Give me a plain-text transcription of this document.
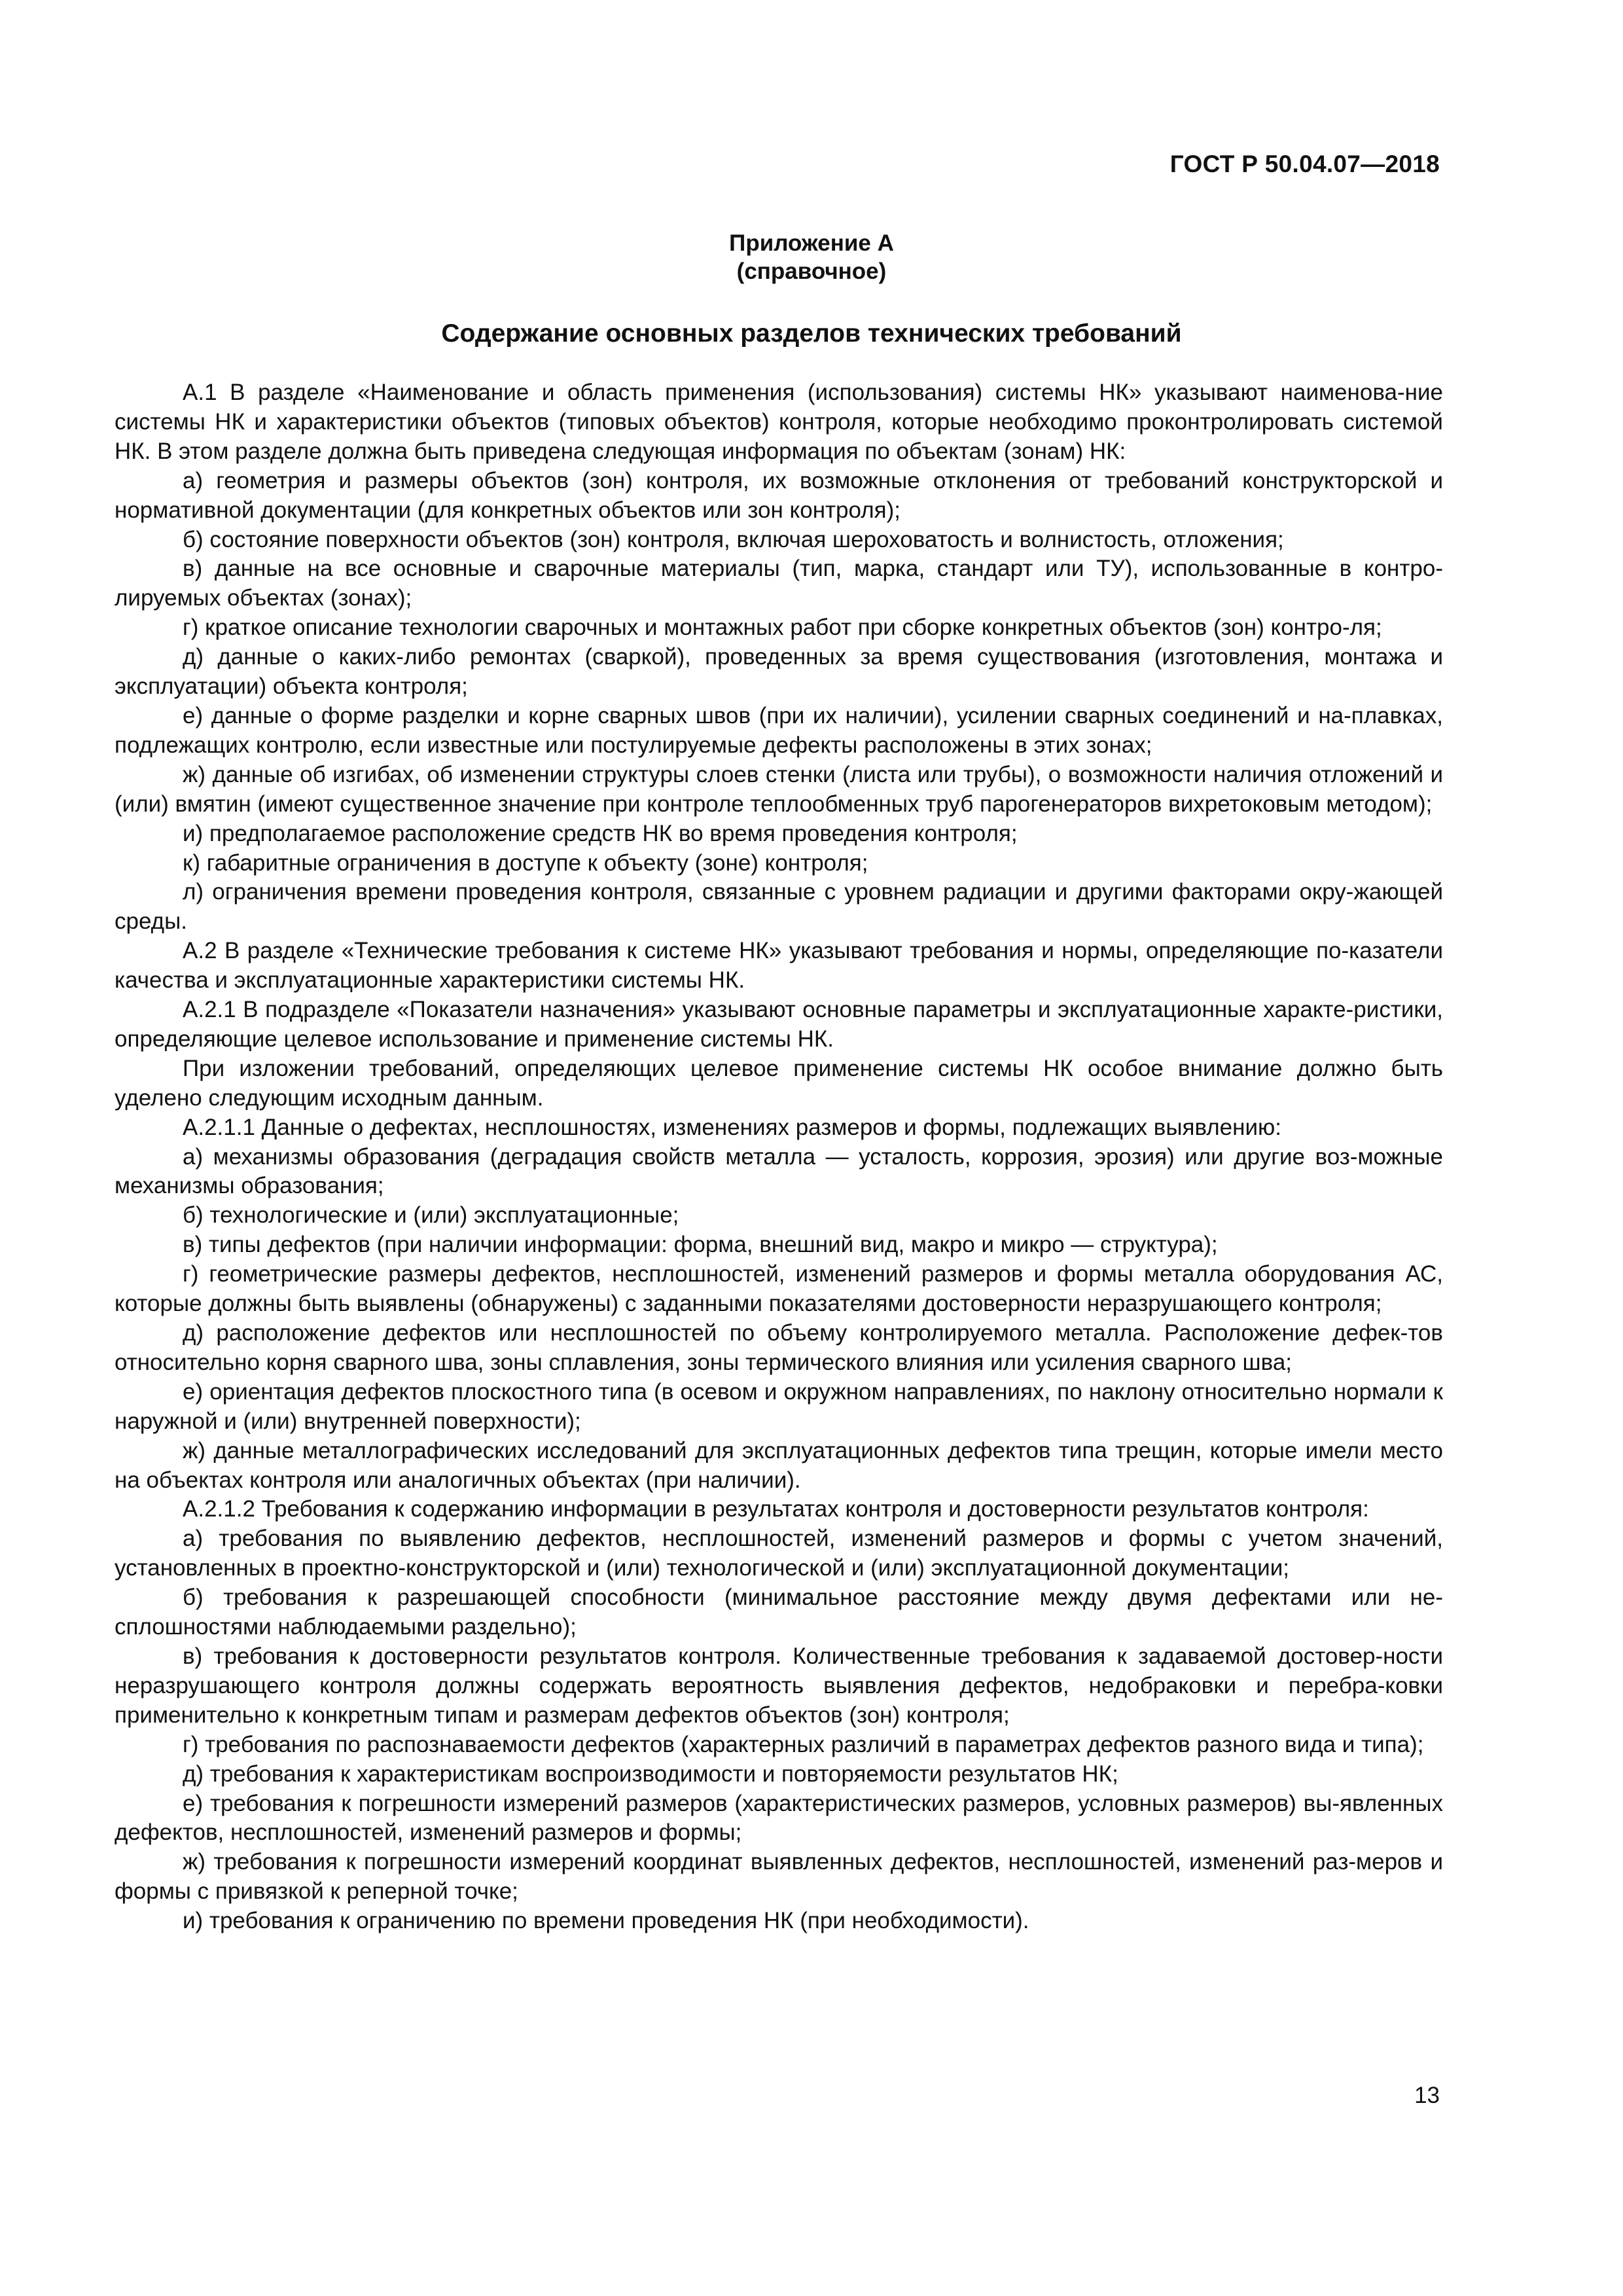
ГОСТ Р 50.04.07—2018
Приложение А
(справочное)
Содержание основных разделов технических требований

А.1 В разделе «Наименование и область применения (использования) системы НК» указывают наименова-ние системы НК и характеристики объектов (типовых объектов) контроля, которые необходимо проконтролировать системой НК. В этом разделе должна быть приведена следующая информация по объектам (зонам) НК:

а) геометрия и размеры объектов (зон) контроля, их возможные отклонения от требований конструкторской и нормативной документации (для конкретных объектов или зон контроля);

б) состояние поверхности объектов (зон) контроля, включая шероховатость и волнистость, отложения;

в) данные на все основные и сварочные материалы (тип, марка, стандарт или ТУ), использованные в контро-лируемых объектах (зонах);

г) краткое описание технологии сварочных и монтажных работ при сборке конкретных объектов (зон) контро-ля;

д) данные о каких-либо ремонтах (сваркой), проведенных за время существования (изготовления, монтажа и эксплуатации) объекта контроля;

е) данные о форме разделки и корне сварных швов (при их наличии), усилении сварных соединений и на-плавках, подлежащих контролю, если известные или постулируемые дефекты расположены в этих зонах;

ж) данные об изгибах, об изменении структуры слоев стенки (листа или трубы), о возможности наличия отложений и (или) вмятин (имеют существенное значение при контроле теплообменных труб парогенераторов вихретоковым методом);

и) предполагаемое расположение средств НК во время проведения контроля;

к) габаритные ограничения в доступе к объекту (зоне) контроля;

л) ограничения времени проведения контроля, связанные с уровнем радиации и другими факторами окру-жающей среды.

А.2 В разделе «Технические требования к системе НК» указывают требования и нормы, определяющие по-казатели качества и эксплуатационные характеристики системы НК.

А.2.1 В подразделе «Показатели назначения» указывают основные параметры и эксплуатационные характе-ристики, определяющие целевое использование и применение системы НК.

При изложении требований, определяющих целевое применение системы НК особое внимание должно быть уделено следующим исходным данным.

А.2.1.1 Данные о дефектах, несплошностях, изменениях размеров и формы, подлежащих выявлению:

а) механизмы образования (деградация свойств металла — усталость, коррозия, эрозия) или другие воз-можные механизмы образования;

б) технологические и (или) эксплуатационные;

в) типы дефектов (при наличии информации: форма, внешний вид, макро и микро — структура);

г) геометрические размеры дефектов, несплошностей, изменений размеров и формы металла оборудования АС, которые должны быть выявлены (обнаружены) с заданными показателями достоверности неразрушающего контроля;

д) расположение дефектов или несплошностей по объему контролируемого металла. Расположение дефек-тов относительно корня сварного шва, зоны сплавления, зоны термического влияния или усиления сварного шва;

е) ориентация дефектов плоскостного типа (в осевом и окружном направлениях, по наклону относительно нормали к наружной и (или) внутренней поверхности);

ж) данные металлографических исследований для эксплуатационных дефектов типа трещин, которые имели место на объектах контроля или аналогичных объектах (при наличии).

А.2.1.2 Требования к содержанию информации в результатах контроля и достоверности результатов контроля:

а) требования по выявлению дефектов, несплошностей, изменений размеров и формы с учетом значений, установленных в проектно-конструкторской и (или) технологической и (или) эксплуатационной документации;

б) требования к разрешающей способности (минимальное расстояние между двумя дефектами или не-сплошностями наблюдаемыми раздельно);

в) требования к достоверности результатов контроля. Количественные требования к задаваемой достовер-ности неразрушающего контроля должны содержать вероятность выявления дефектов, недобраковки и перебра-ковки применительно к конкретным типам и размерам дефектов объектов (зон) контроля;

г) требования по распознаваемости дефектов (характерных различий в параметрах дефектов разного вида и типа);

д) требования к характеристикам воспроизводимости и повторяемости результатов НК;

е) требования к погрешности измерений размеров (характеристических размеров, условных размеров) вы-явленных дефектов, несплошностей, изменений размеров и формы;

ж) требования к погрешности измерений координат выявленных дефектов, несплошностей, изменений раз-меров и формы с привязкой к реперной точке;

и) требования к ограничению по времени проведения НК (при необходимости).

13
